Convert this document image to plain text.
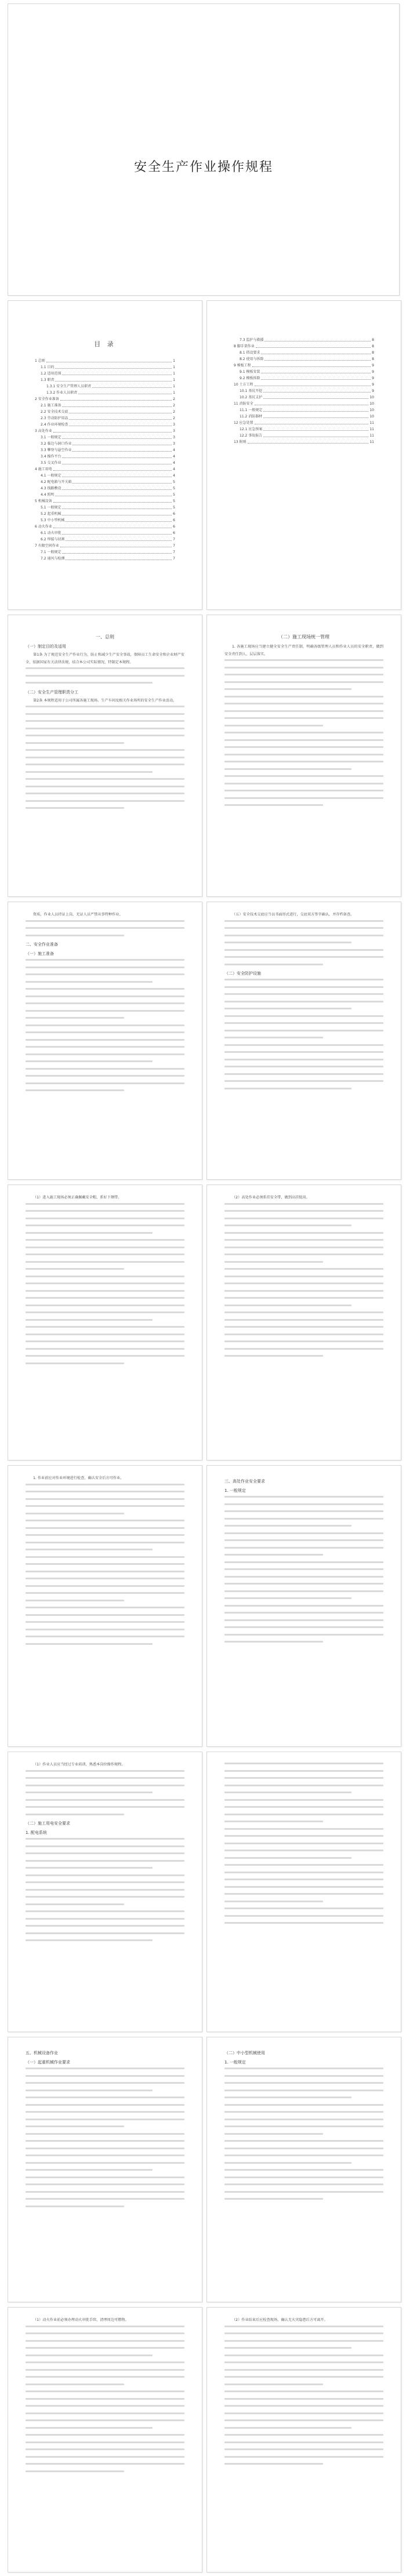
安全生产作业操作规程
目 录
1 总则	1
1.1 目的	1
1.2 适用范围	1
1.3 职责	1
1.3.1 安全生产管理人员职责	1
1.3.2 作业人员职责	1
2 安全作业准备	2
2.1 施工准备	2
2.2 安全技术交底	2
2.3 劳动防护用品	2
2.4 作业环境检查	3
3 高处作业	3
3.1 一般规定	3
3.2 临边与洞口作业	3
3.3 攀登与悬空作业	4
3.4 操作平台	4
3.5 交叉作业	4
4 施工用电	4
4.1 一般规定	4
4.2 配电箱与开关箱	5
4.3 线路敷设	5
4.4 照明	5
5 机械设备	5
5.1 一般规定	5
5.2 起重机械	6
5.3 中小型机械	6
6 动火作业	6
6.1 动火审批	6
6.2 焊接与切割	7
7 有限空间作业	7
7.1 一般规定	7
7.2 通风与检测	7
7.3 监护与救援	8
8 脚手架作业	8
8.1 搭设要求	8
8.2 使用与拆除	8
9 模板工程	9
9.1 模板安装	9
9.2 模板拆除	9
10 土方工程	9
10.1 基坑开挖	9
10.2 基坑支护	10
11 消防安全	10
11.1 一般规定	10
11.2 消防器材	10
12 应急处置	11
12.1 应急预案	11
12.2 事故报告	11
13 附则	11
一、总则
（一）制定目的及适用

第1条 为了规范安全生产作业行为，防止和减少生产安全事故，保障员工生命安全和企业财产安全，依据国家有关法律法规，结合本公司实际情况，特制定本规程。

（二）安全生产管理职责分工

第2条 本规程适用于公司所属各施工现场、生产车间及相关作业场所的安全生产作业活动。

（二）施工现场统一管理

1. 各施工现场应当建立健全安全生产责任制，明确各级管理人员和作业人员的安全职责，做到安全责任到人、层层落实。

资质，作业人员持证上岗，无证人员严禁从事特种作业。

二、安全作业准备
（一）施工准备

（五）安全技术交底应当以书面形式进行，交底双方签字确认，并存档备查。

（二）安全防护设施

（1）进入施工现场必须正确佩戴安全帽，系好下颏带。	（2）高处作业必须系挂安全带，做到高挂低用。

1. 作业前应对作业环境进行检查，确认安全后方可作业。

三、高处作业安全要求
1. 一般规定

（1）作业人员应当经过专业培训，熟悉本岗位操作规程。

（二）施工用电安全要求
1. 配电系统
五、机械设备作业
（一）起重机械作业要求
（二）中小型机械使用
1. 一般规定

（1）动火作业前必须办理动火审批手续，清理周边可燃物。	（2）作业结束后应检查现场，确认无火灾隐患后方可离开。
